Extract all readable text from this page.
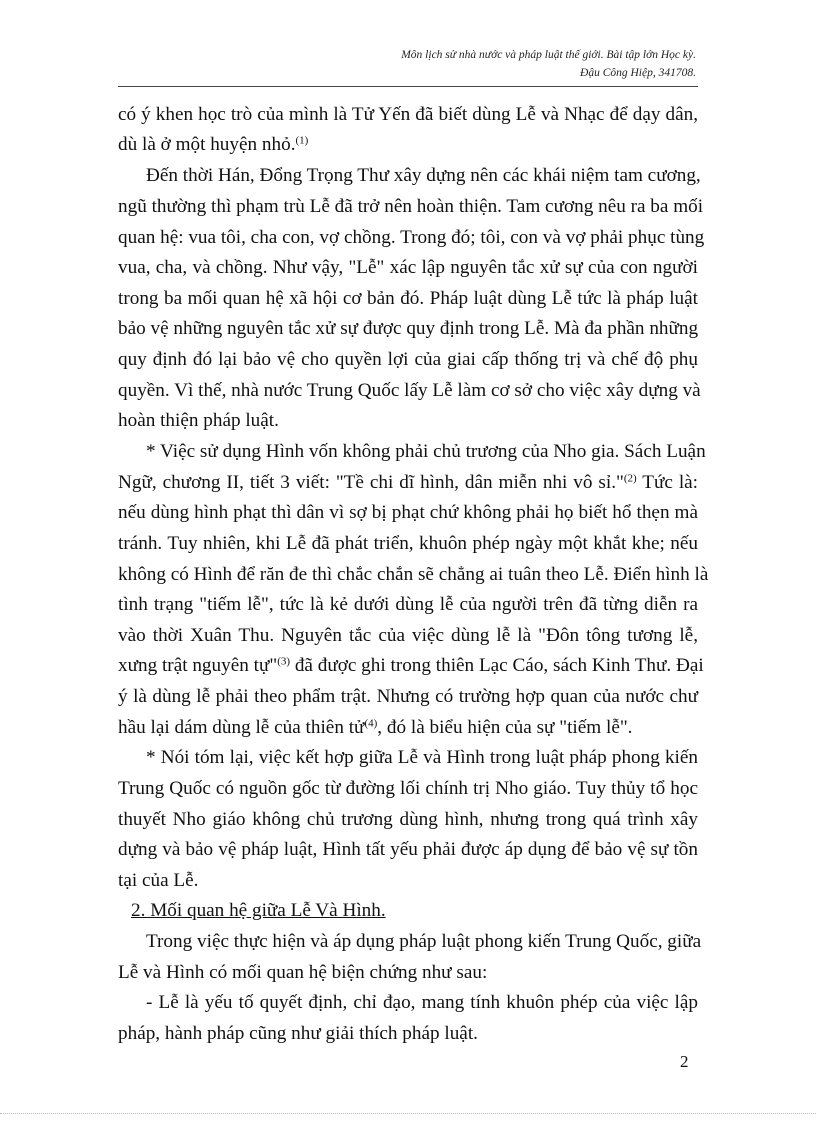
Môn lịch sử nhà nước và pháp luật thế giới. Bài tập lớn Học kỳ.
Đậu Công Hiệp, 341708.
có ý khen học trò của mình là Tử Yến đã biết dùng Lễ và Nhạc để dạy dân,
dù là ở một huyện nhỏ.$^{(1)}$
Đến thời Hán, Đổng Trọng Thư xây dựng nên các khái niệm tam cương,
ngũ thường thì phạm trù Lễ đã trở nên hoàn thiện. Tam cương nêu ra ba mối
quan hệ: vua tôi, cha con, vợ chồng. Trong đó; tôi, con và vợ phải phục tùng
vua, cha, và chồng. Như vậy, "Lễ" xác lập nguyên tắc xử sự của con người
trong ba mối quan hệ xã hội cơ bản đó. Pháp luật dùng Lễ tức là pháp luật
bảo vệ những nguyên tắc xử sự được quy định trong Lễ. Mà đa phần những
quy định đó lại bảo vệ cho quyền lợi của giai cấp thống trị và chế độ phụ
quyền. Vì thế, nhà nước Trung Quốc lấy Lễ làm cơ sở cho việc xây dựng và
hoàn thiện pháp luật.
* Việc sử dụng Hình vốn không phải chủ trương của Nho gia. Sách Luận
Ngữ, chương II, tiết 3 viết: "Tề chi dĩ hình, dân miễn nhi vô sỉ."$^{(2)}$ Tức là:
nếu dùng hình phạt thì dân vì sợ bị phạt chứ không phải họ biết hổ thẹn mà
tránh. Tuy nhiên, khi Lễ đã phát triển, khuôn phép ngày một khắt khe; nếu
không có Hình để răn đe thì chắc chắn sẽ chẳng ai tuân theo Lễ. Điển hình là
tình trạng "tiếm lễ", tức là kẻ dưới dùng lễ của người trên đã từng diễn ra
vào thời Xuân Thu. Nguyên tắc của việc dùng lễ là "Đôn tông tương lễ,
xưng trật nguyên tự"$^{(3)}$ đã được ghi trong thiên Lạc Cáo, sách Kinh Thư. Đại
ý là dùng lễ phải theo phẩm trật. Nhưng có trường hợp quan của nước chư
hầu lại dám dùng lễ của thiên tử$^{(4)}$, đó là biểu hiện của sự "tiếm lễ".
* Nói tóm lại, việc kết hợp giữa Lễ và Hình trong luật pháp phong kiến
Trung Quốc có nguồn gốc từ đường lối chính trị Nho giáo. Tuy thủy tổ học
thuyết Nho giáo không chủ trương dùng hình, nhưng trong quá trình xây
dựng và bảo vệ pháp luật, Hình tất yếu phải được áp dụng để bảo vệ sự tồn
tại của Lễ.
2. Mối quan hệ giữa Lễ Và Hình.
Trong việc thực hiện và áp dụng pháp luật phong kiến Trung Quốc, giữa
Lễ và Hình có mối quan hệ biện chứng như sau:
- Lễ là yếu tố quyết định, chỉ đạo, mang tính khuôn phép của việc lập
pháp, hành pháp cũng như giải thích pháp luật.
2
